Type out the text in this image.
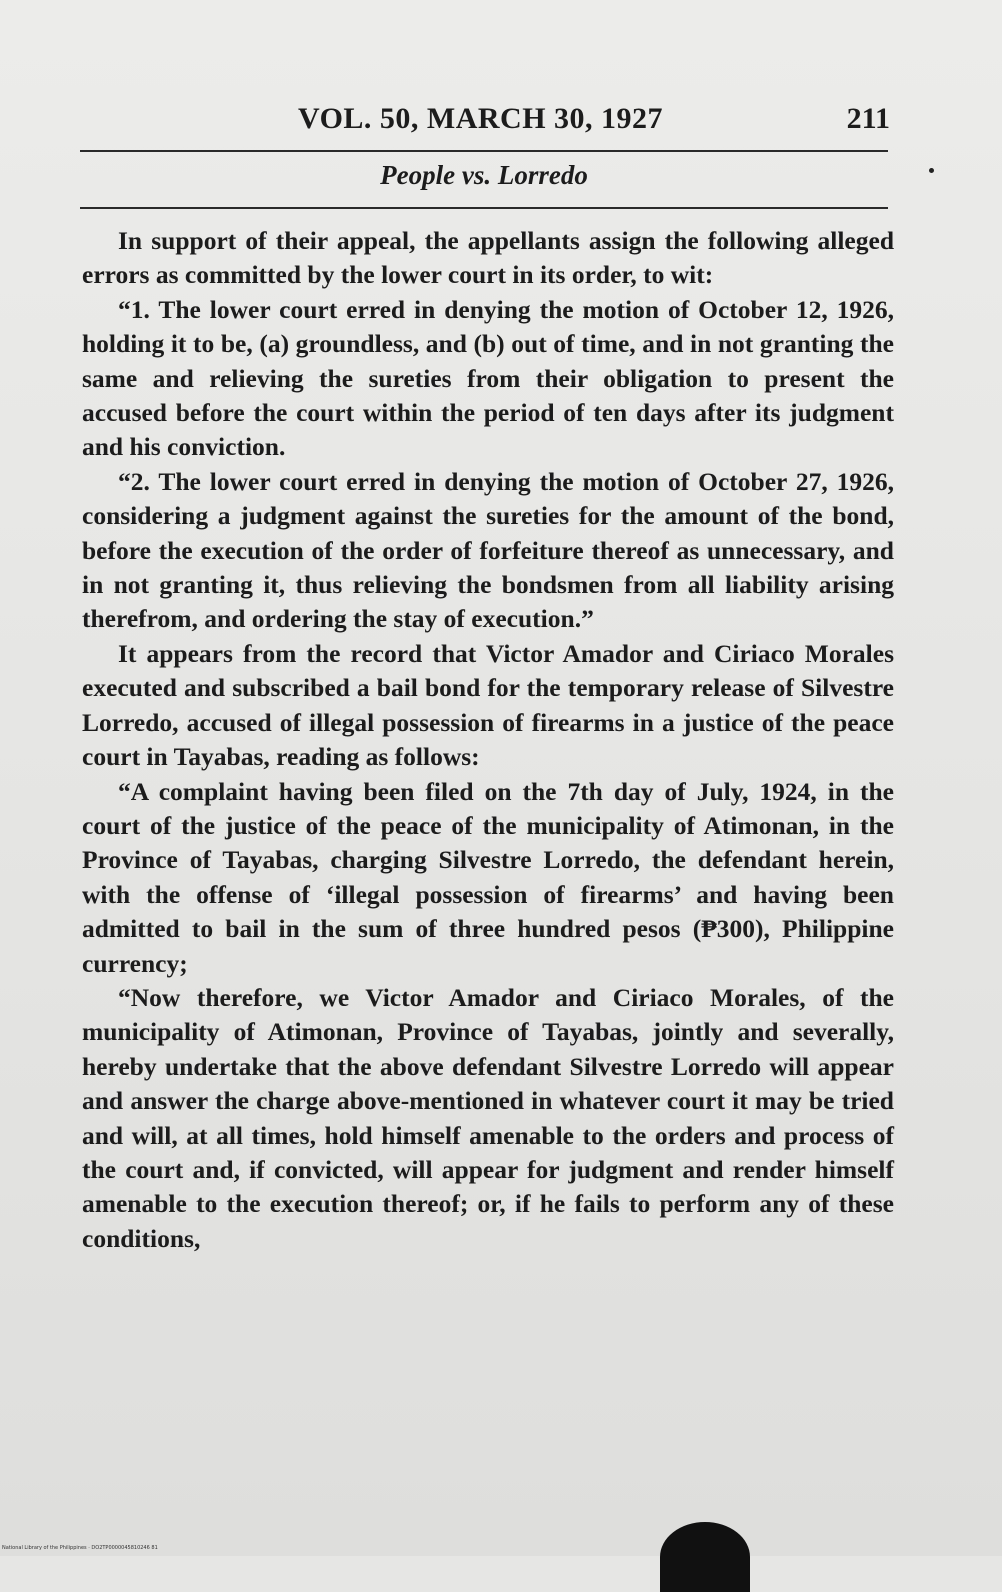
VOL. 50, MARCH 30, 1927	211
People vs. Lorredo

In support of their appeal, the appellants assign the following alleged errors as committed by the lower court in its order, to wit:

“1. The lower court erred in denying the motion of October 12, 1926, holding it to be, (a) groundless, and (b) out of time, and in not granting the same and relieving the sureties from their obligation to present the accused before the court within the period of ten days after its judgment and his conviction.

“2. The lower court erred in denying the motion of October 27, 1926, considering a judgment against the sureties for the amount of the bond, before the execution of the order of forfeiture thereof as unnecessary, and in not granting it, thus relieving the bondsmen from all liability arising therefrom, and ordering the stay of execution.”

It appears from the record that Victor Amador and Ciriaco Morales executed and subscribed a bail bond for the temporary release of Silvestre Lorredo, accused of illegal possession of firearms in a justice of the peace court in Tayabas, reading as follows:

“A complaint having been filed on the 7th day of July, 1924, in the court of the justice of the peace of the municipality of Atimonan, in the Province of Tayabas, charging Silvestre Lorredo, the defendant herein, with the offense of ‘illegal possession of firearms’ and having been admitted to bail in the sum of three hundred pesos (₱300), Philippine currency;

“Now therefore, we Victor Amador and Ciriaco Morales, of the municipality of Atimonan, Province of Tayabas, jointly and severally, hereby undertake that the above defendant Silvestre Lorredo will appear and answer the charge above-mentioned in whatever court it may be tried and will, at all times, hold himself amenable to the orders and process of the court and, if convicted, will appear for judgment and render himself amenable to the execution thereof; or, if he fails to perform any of these conditions,

National Library of the Philippines · DO2TP0000045810246 81
